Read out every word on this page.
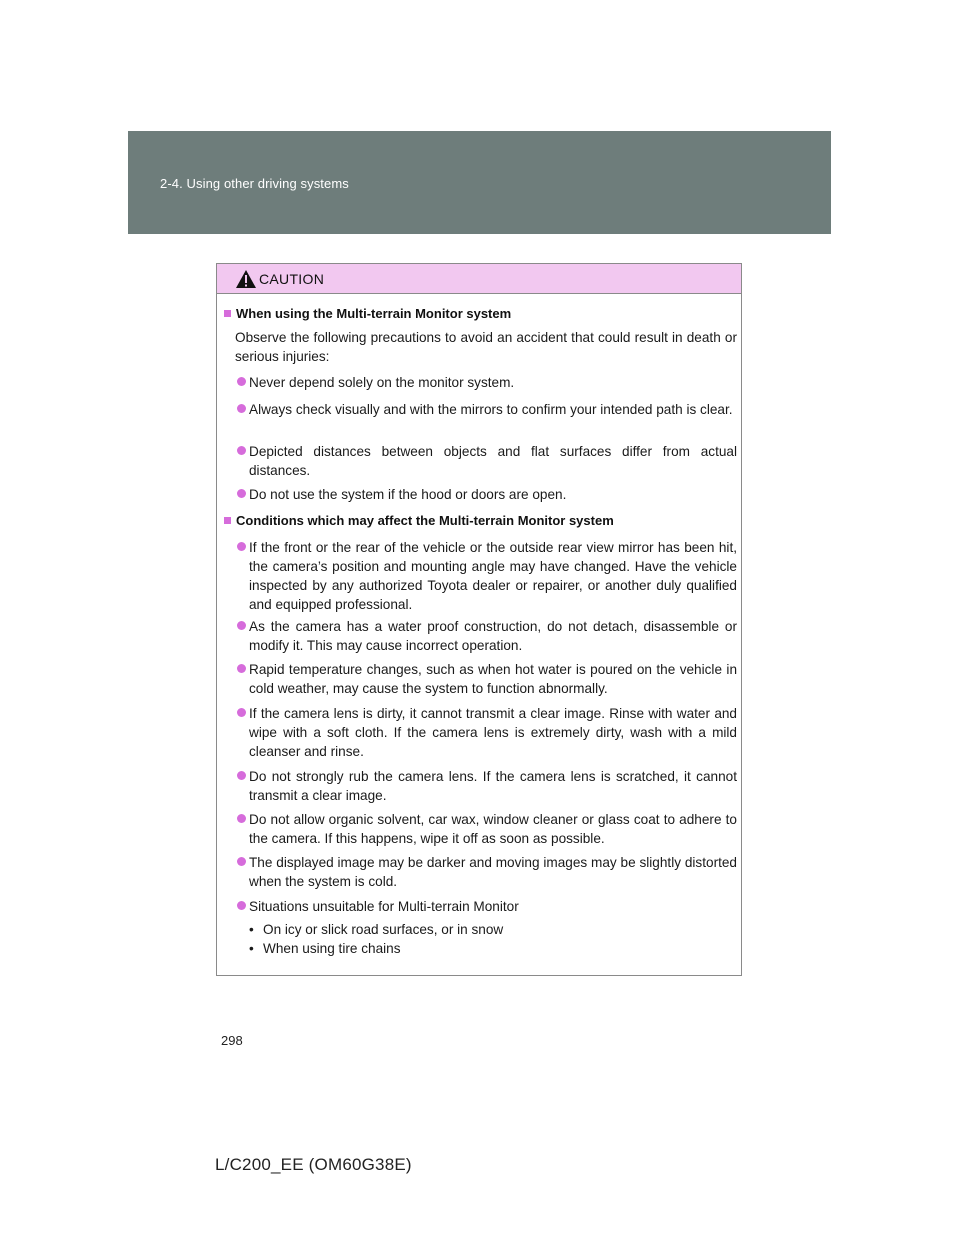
2-4. Using other driving systems
CAUTION
When using the Multi-terrain Monitor system
Observe the following precautions to avoid an accident that could result in death or serious injuries:
Never depend solely on the monitor system.
Always check visually and with the mirrors to confirm your intended path is clear.
Depicted distances between objects and flat surfaces differ from actual distances.
Do not use the system if the hood or doors are open.
Conditions which may affect the Multi-terrain Monitor system
If the front or the rear of the vehicle or the outside rear view mirror has been hit, the camera’s position and mounting angle may have changed. Have the vehicle inspected by any authorized Toyota dealer or repairer, or another duly qualified and equipped professional.
As the camera has a water proof construction, do not detach, disassemble or modify it. This may cause incorrect operation.
Rapid temperature changes, such as when hot water is poured on the vehicle in cold weather, may cause the system to function abnormally.
If the camera lens is dirty, it cannot transmit a clear image. Rinse with water and wipe with a soft cloth. If the camera lens is extremely dirty, wash with a mild cleanser and rinse.
Do not strongly rub the camera lens. If the camera lens is scratched, it cannot transmit a clear image.
Do not allow organic solvent, car wax, window cleaner or glass coat to adhere to the camera. If this happens, wipe it off as soon as possible.
The displayed image may be darker and moving images may be slightly distorted when the system is cold.
Situations unsuitable for Multi-terrain Monitor
• On icy or slick road surfaces, or in snow
• When using tire chains
298
L/C200_EE (OM60G38E)
